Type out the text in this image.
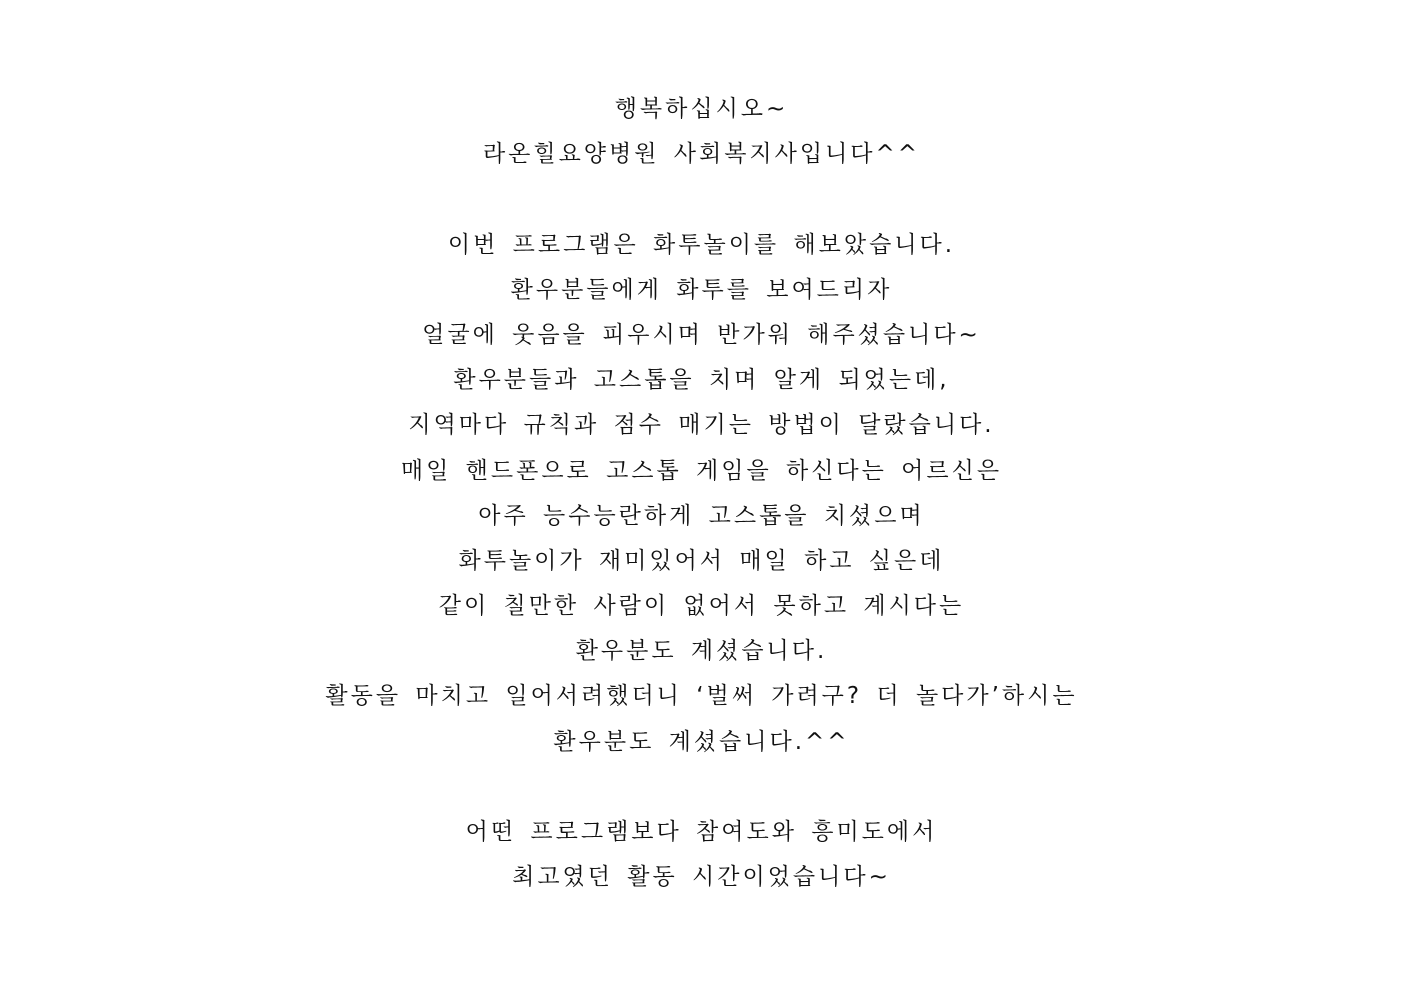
행복하십시오~
라온힐요양병원 사회복지사입니다^^
이번 프로그램은 화투놀이를 해보았습니다.
환우분들에게 화투를 보여드리자
얼굴에 웃음을 피우시며 반가워 해주셨습니다~
환우분들과 고스톱을 치며 알게 되었는데,
지역마다 규칙과 점수 매기는 방법이 달랐습니다.
매일 핸드폰으로 고스톱 게임을 하신다는 어르신은
아주 능수능란하게 고스톱을 치셨으며
화투놀이가 재미있어서 매일 하고 싶은데
같이 칠만한 사람이 없어서 못하고 계시다는
환우분도 계셨습니다.
활동을 마치고 일어서려했더니 ‘벌써 가려구? 더 놀다가’하시는
환우분도 계셨습니다.^^
어떤 프로그램보다 참여도와 흥미도에서
최고였던 활동 시간이었습니다~
